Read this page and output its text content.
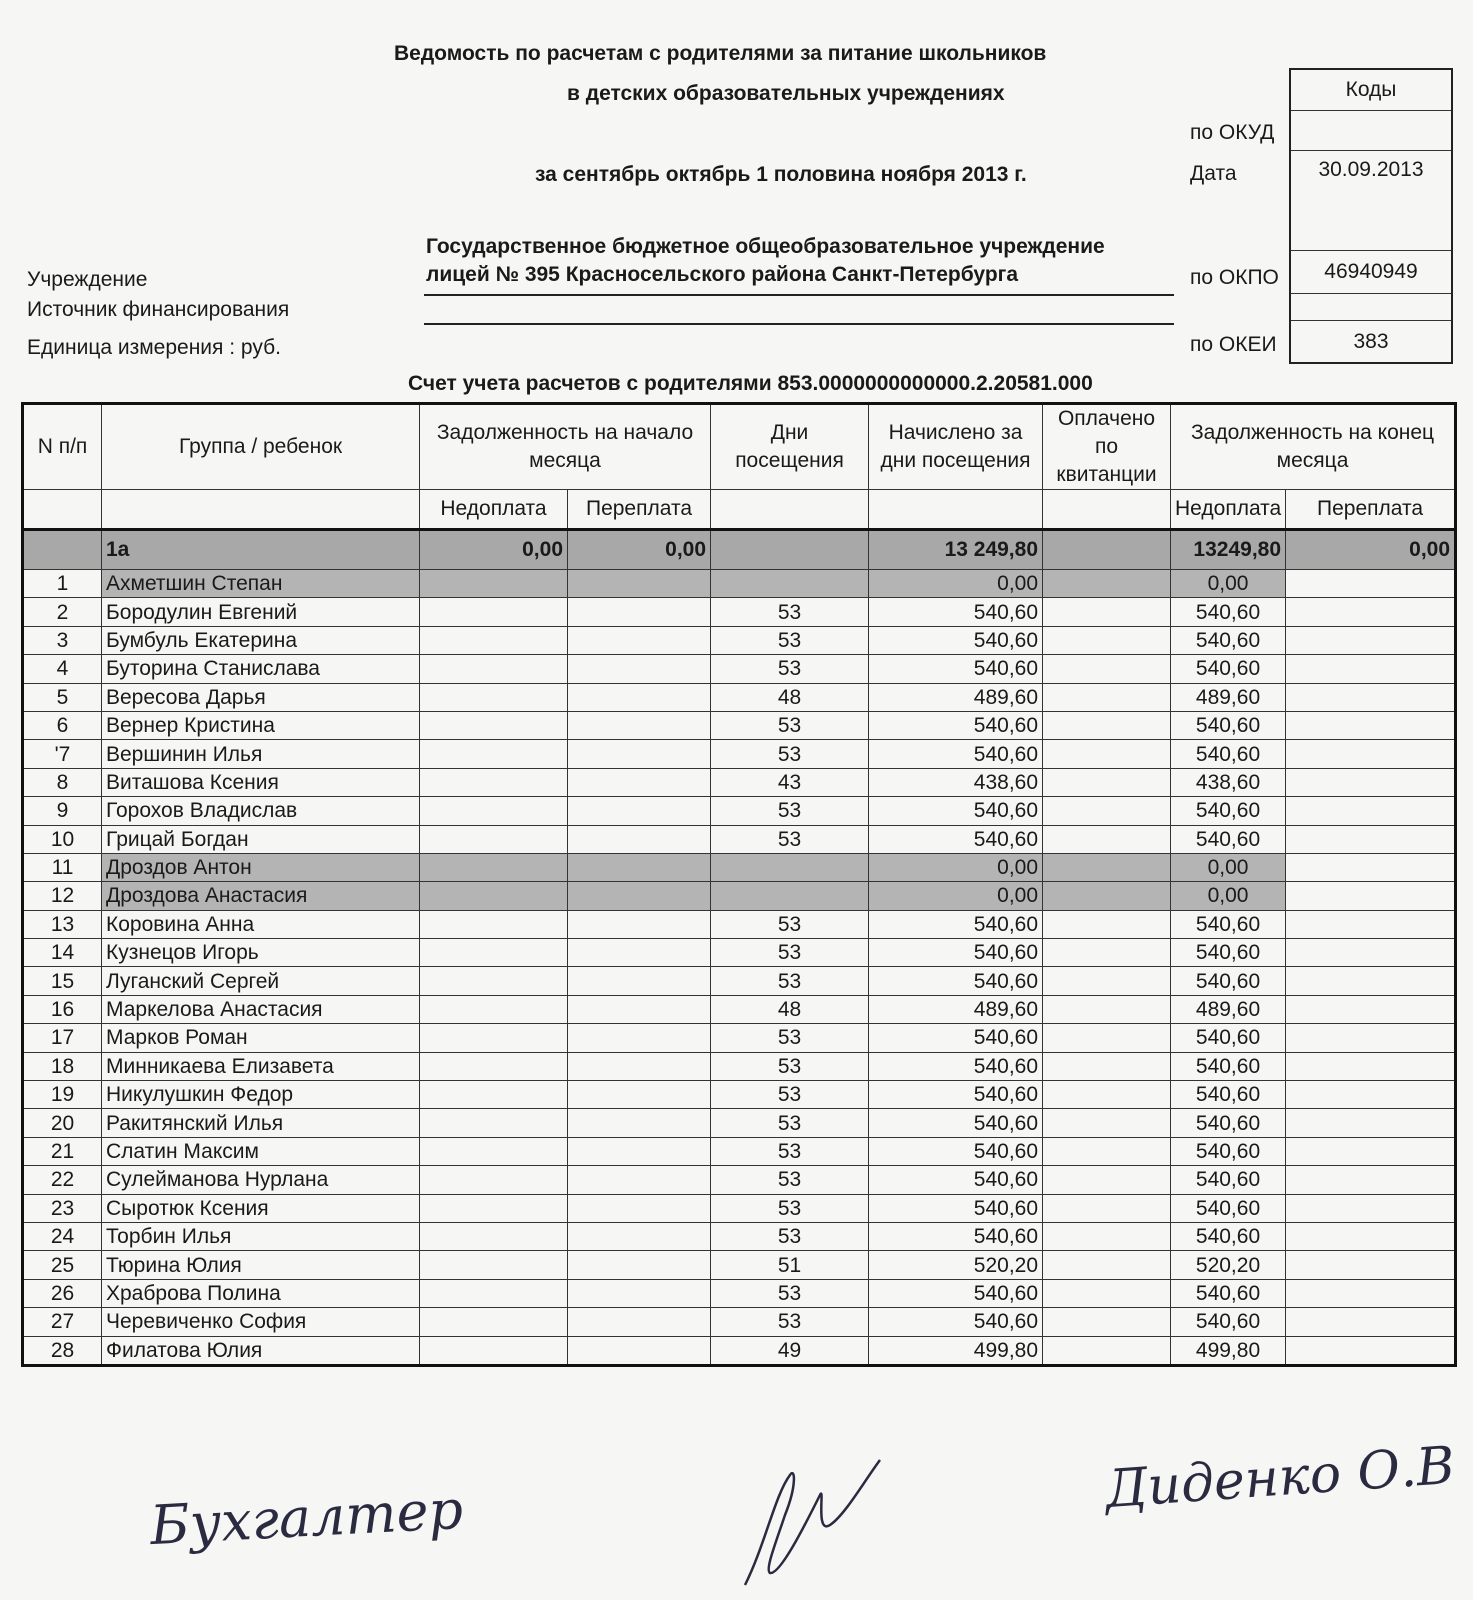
Ведомость по расчетам с родителями за питание школьников
в детских образовательных учреждениях
за сентябрь октябрь 1 половина ноября 2013 г.
Государственное бюджетное общеобразовательное учреждение
лицей № 395 Красносельского района Санкт-Петербурга
Учреждение
Источник финансирования
Единица измерения : руб.
по ОКУД
Дата
по ОКПО
по ОКЕИ
Коды
30.09.2013
46940949
383
Счет учета расчетов с родителями 853.0000000000000.2.20581.000
N п/п	Группа / ребенок	Задолженность на начало месяца		Дни посещения	Начислено за дни посещения	Оплачено по квитанции	Задолженность на конец месяца	
		Недоплата	Переплата				Недоплата	Переплата
	1а	0,00	0,00		13 249,80		13249,80	0,00
1	Ахметшин Степан				0,00		0,00	
2	Бородулин Евгений			53	540,60		540,60	
3	Бумбуль Екатерина			53	540,60		540,60	
4	Буторина Станислава			53	540,60		540,60	
5	Вересова Дарья			48	489,60		489,60	
6	Вернер Кристина			53	540,60		540,60	
'7	Вершинин Илья			53	540,60		540,60	
8	Виташова Ксения			43	438,60		438,60	
9	Горохов Владислав			53	540,60		540,60	
10	Грицай Богдан			53	540,60		540,60	
11	Дроздов Антон				0,00		0,00	
12	Дроздова Анастасия				0,00		0,00	
13	Коровина Анна			53	540,60		540,60	
14	Кузнецов Игорь			53	540,60		540,60	
15	Луганский Сергей			53	540,60		540,60	
16	Маркелова Анастасия			48	489,60		489,60	
17	Марков Роман			53	540,60		540,60	
18	Минникаева Елизавета			53	540,60		540,60	
19	Никулушкин Федор			53	540,60		540,60	
20	Ракитянский Илья			53	540,60		540,60	
21	Слатин Максим			53	540,60		540,60	
22	Сулейманова Нурлана			53	540,60		540,60	
23	Сыротюк Ксения			53	540,60		540,60	
24	Торбин Илья			53	540,60		540,60	
25	Тюрина Юлия			51	520,20		520,20	
26	Храброва Полина			53	540,60		540,60	
27	Черевиченко София			53	540,60		540,60	
28	Филатова Юлия			49	499,80		499,80	
Бухгалтер	Диденко О.В
